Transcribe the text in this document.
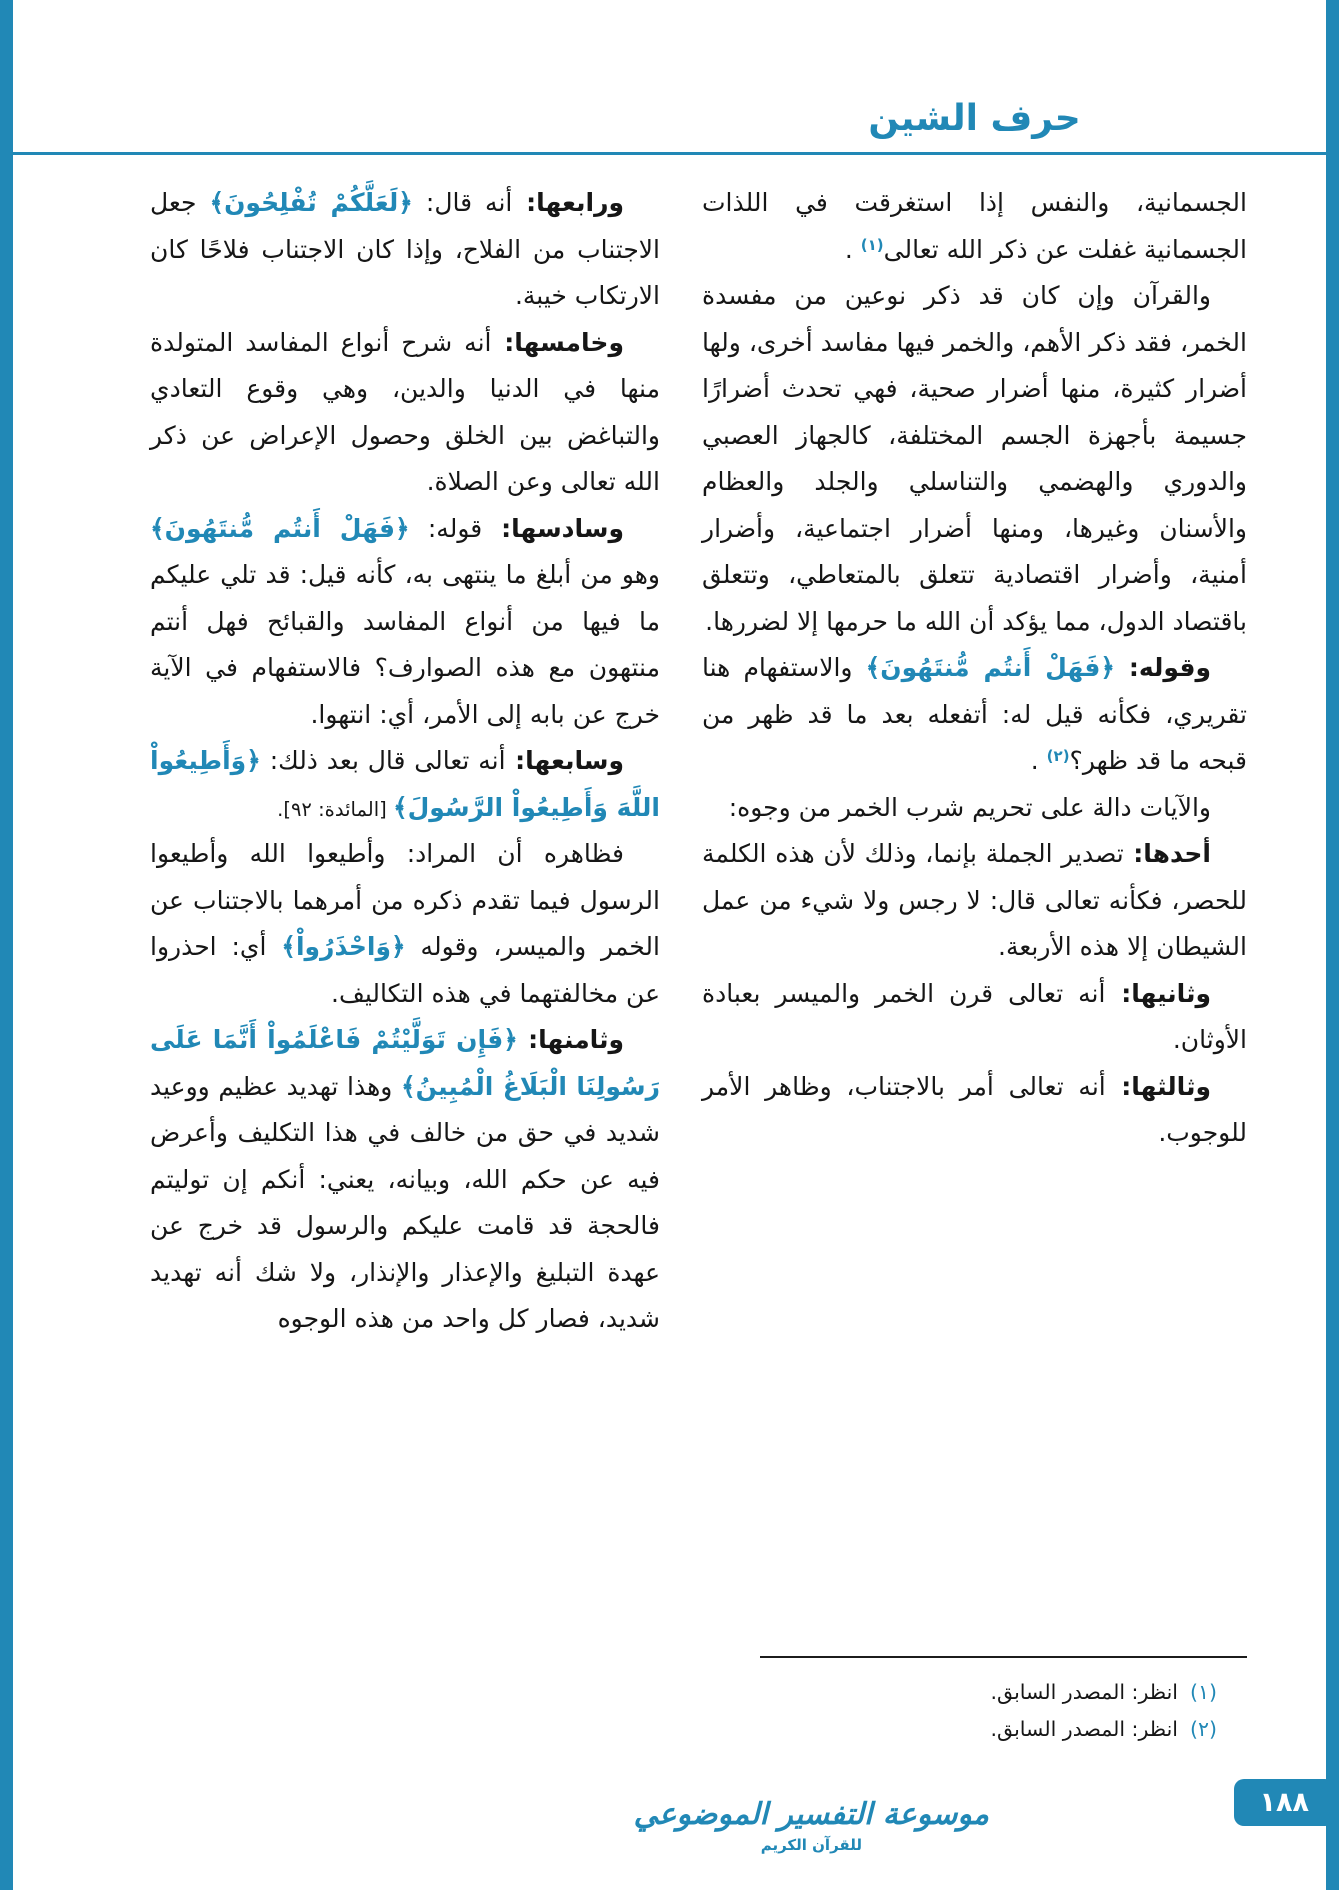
حرف الشين

الجسمانية، والنفس إذا استغرقت في اللذات الجسمانية غفلت عن ذكر الله تعالى$^{(١)}$ .

والقرآن وإن كان قد ذكر نوعين من مفسدة الخمر، فقد ذكر الأهم، والخمر فيها مفاسد أخرى، ولها أضرار كثيرة، منها أضرار صحية، فهي تحدث أضرارًا جسيمة بأجهزة الجسم المختلفة، كالجهاز العصبي والدوري والهضمي والتناسلي والجلد والعظام والأسنان وغيرها، ومنها أضرار اجتماعية، وأضرار أمنية، وأضرار اقتصادية تتعلق بالمتعاطي، وتتعلق باقتصاد الدول، مما يؤكد أن الله ما حرمها إلا لضررها.

وقوله: ﴿فَهَلْ أَنتُم مُّنتَهُونَ﴾ والاستفهام هنا تقريري، فكأنه قيل له: أتفعله بعد ما قد ظهر من قبحه ما قد ظهر؟$^{(٢)}$ .

والآيات دالة على تحريم شرب الخمر من وجوه:

أحدها: تصدير الجملة بإنما، وذلك لأن هذه الكلمة للحصر، فكأنه تعالى قال: لا رجس ولا شيء من عمل الشيطان إلا هذه الأربعة.

وثانيها: أنه تعالى قرن الخمر والميسر بعبادة الأوثان.

وثالثها: أنه تعالى أمر بالاجتناب، وظاهر الأمر للوجوب.

(١)انظر: المصدر السابق.
(٢)انظر: المصدر السابق.

ورابعها: أنه قال: ﴿لَعَلَّكُمْ تُفْلِحُونَ﴾ جعل الاجتناب من الفلاح، وإذا كان الاجتناب فلاحًا كان الارتكاب خيبة.

وخامسها: أنه شرح أنواع المفاسد المتولدة منها في الدنيا والدين، وهي وقوع التعادي والتباغض بين الخلق وحصول الإعراض عن ذكر الله تعالى وعن الصلاة.

وسادسها: قوله: ﴿فَهَلْ أَنتُم مُّنتَهُونَ﴾ وهو من أبلغ ما ينتهى به، كأنه قيل: قد تلي عليكم ما فيها من أنواع المفاسد والقبائح فهل أنتم منتهون مع هذه الصوارف؟ فالاستفهام في الآية خرج عن بابه إلى الأمر، أي: انتهوا.

وسابعها: أنه تعالى قال بعد ذلك: ﴿وَأَطِيعُواْ اللَّهَ وَأَطِيعُواْ الرَّسُولَ﴾ [المائدة: ٩٢].

فظاهره أن المراد: وأطيعوا الله وأطيعوا الرسول فيما تقدم ذكره من أمرهما بالاجتناب عن الخمر والميسر، وقوله ﴿وَاحْذَرُواْ﴾ أي: احذروا عن مخالفتهما في هذه التكاليف.

وثامنها: ﴿فَإِن تَوَلَّيْتُمْ فَاعْلَمُواْ أَنَّمَا عَلَى رَسُولِنَا الْبَلَاغُ الْمُبِينُ﴾ وهذا تهديد عظيم ووعيد شديد في حق من خالف في هذا التكليف وأعرض فيه عن حكم الله، وبيانه، يعني: أنكم إن توليتم فالحجة قد قامت عليكم والرسول قد خرج عن عهدة التبليغ والإعذار والإنذار، ولا شك أنه تهديد شديد، فصار كل واحد من هذه الوجوه

موسوعة التفسير الموضوعي
للقرآن الكريم
١٨٨
